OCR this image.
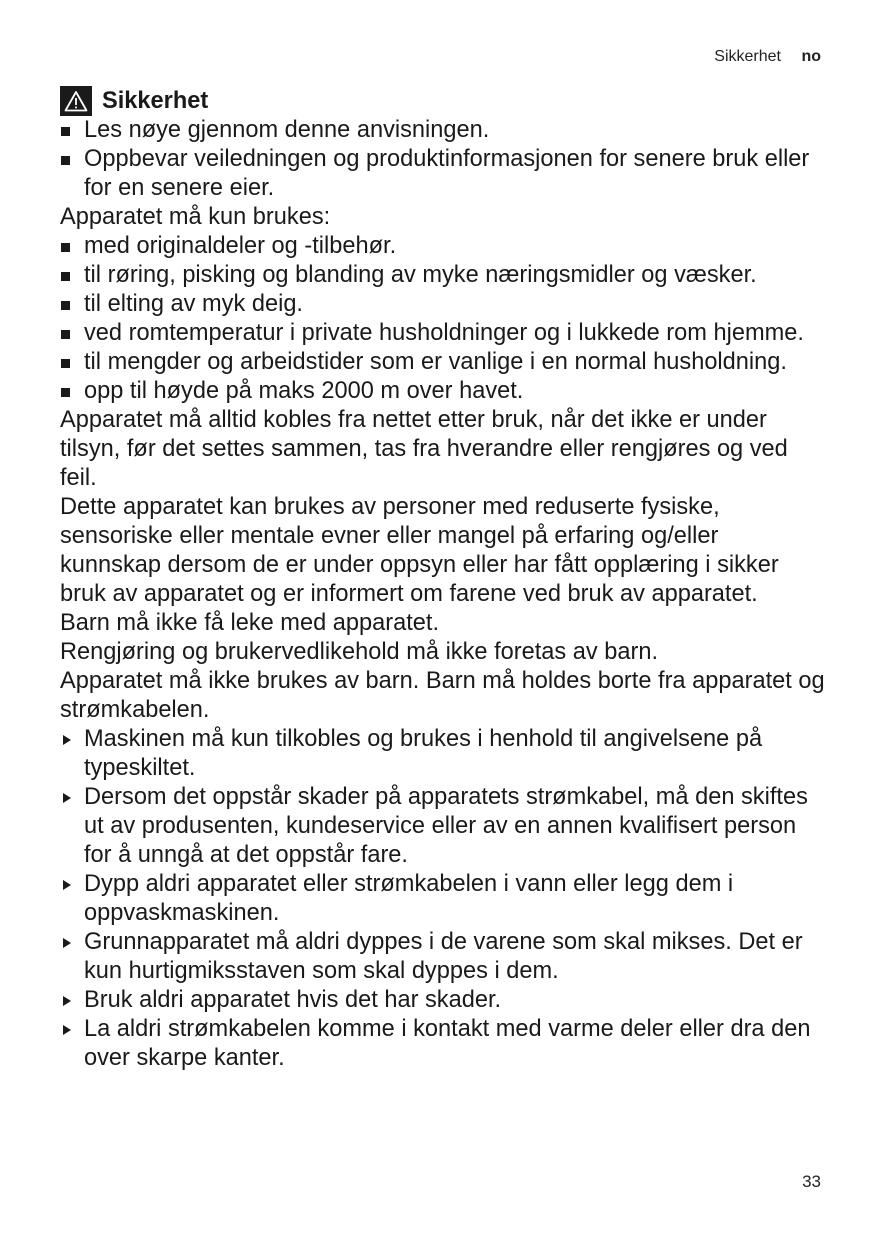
Sikkerhet no
Sikkerhet
Les nøye gjennom denne anvisningen.
Oppbevar veiledningen og produktinformasjonen for senere bruk eller for en senere eier.

Apparatet må kun brukes:

med originaldeler og -tilbehør.
til røring, pisking og blanding av myke næringsmidler og væsker.
til elting av myk deig.
ved romtemperatur i private husholdninger og i lukkede rom hjemme.
til mengder og arbeidstider som er vanlige i en normal husholdning.
opp til høyde på maks 2000 m over havet.

Apparatet må alltid kobles fra nettet etter bruk, når det ikke er under tilsyn, før det settes sammen, tas fra hverandre eller rengjøres og ved feil.

Dette apparatet kan brukes av personer med reduserte fysiske, sensoriske eller mentale evner eller mangel på erfaring og/eller kunnskap dersom de er under oppsyn eller har fått opplæring i sikker bruk av apparatet og er informert om farene ved bruk av apparatet.

Barn må ikke få leke med apparatet.

Rengjøring og brukervedlikehold må ikke foretas av barn.

Apparatet må ikke brukes av barn. Barn må holdes borte fra apparatet og strømkabelen.

Maskinen må kun tilkobles og brukes i henhold til angivelsene på typeskiltet.
Dersom det oppstår skader på apparatets strømkabel, må den skiftes ut av produsenten, kundeservice eller av en annen kvalifisert person for å unngå at det oppstår fare.
Dypp aldri apparatet eller strømkabelen i vann eller legg dem i oppvaskmaskinen.
Grunnapparatet må aldri dyppes i de varene som skal mikses. Det er kun hurtigmiksstaven som skal dyppes i dem.
Bruk aldri apparatet hvis det har skader.
La aldri strømkabelen komme i kontakt med varme deler eller dra den over skarpe kanter.
33
